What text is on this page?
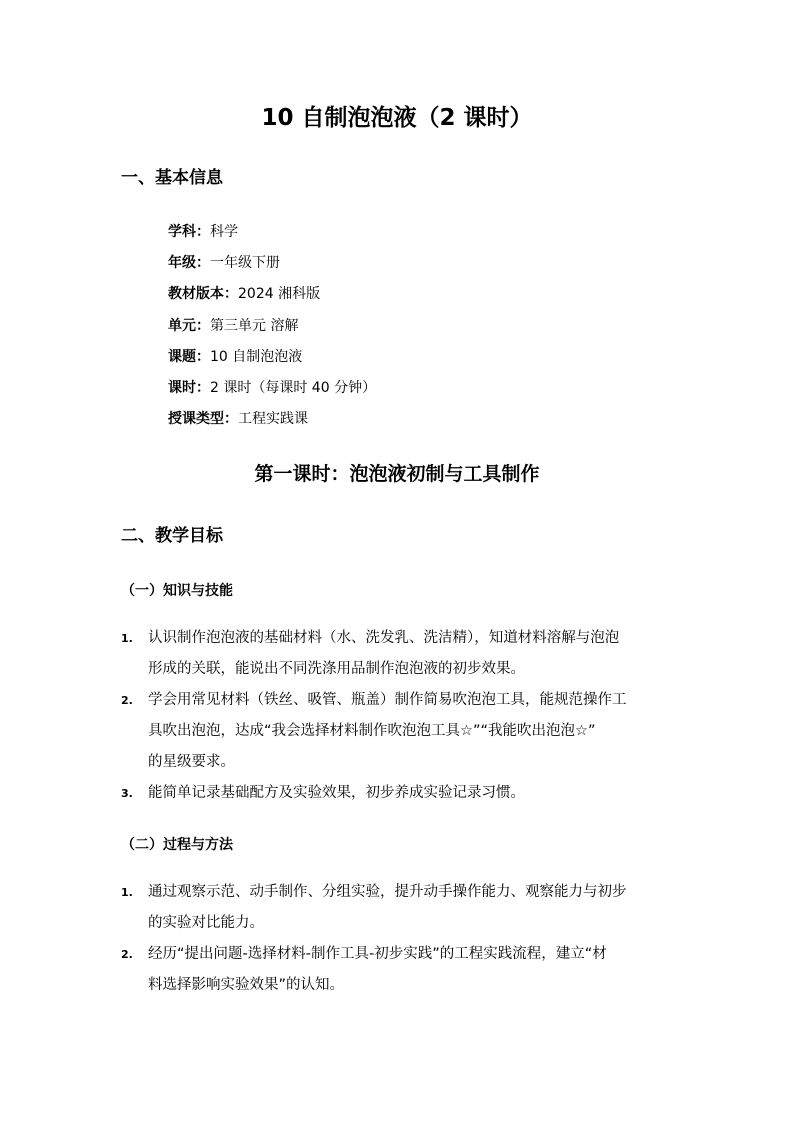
10 自制泡泡液（2 课时）
一、基本信息
学科：科学
年级：一年级下册
教材版本：2024 湘科版
单元：第三单元 溶解
课题：10 自制泡泡液
课时：2 课时（每课时 40 分钟）
授课类型：工程实践课
第一课时：泡泡液初制与工具制作
二、教学目标
（一）知识与技能
1. 认识制作泡泡液的基础材料（水、洗发乳、洗洁精），知道材料溶解与泡泡
形成的关联，能说出不同洗涤用品制作泡泡液的初步效果。
2. 学会用常见材料（铁丝、吸管、瓶盖）制作简易吹泡泡工具，能规范操作工
具吹出泡泡，达成“我会选择材料制作吹泡泡工具☆”“我能吹出泡泡☆”
的星级要求。
3. 能简单记录基础配方及实验效果，初步养成实验记录习惯。
（二）过程与方法
1. 通过观察示范、动手制作、分组实验，提升动手操作能力、观察能力与初步
的实验对比能力。
2. 经历“提出问题-选择材料-制作工具-初步实践”的工程实践流程，建立“材
料选择影响实验效果”的认知。
